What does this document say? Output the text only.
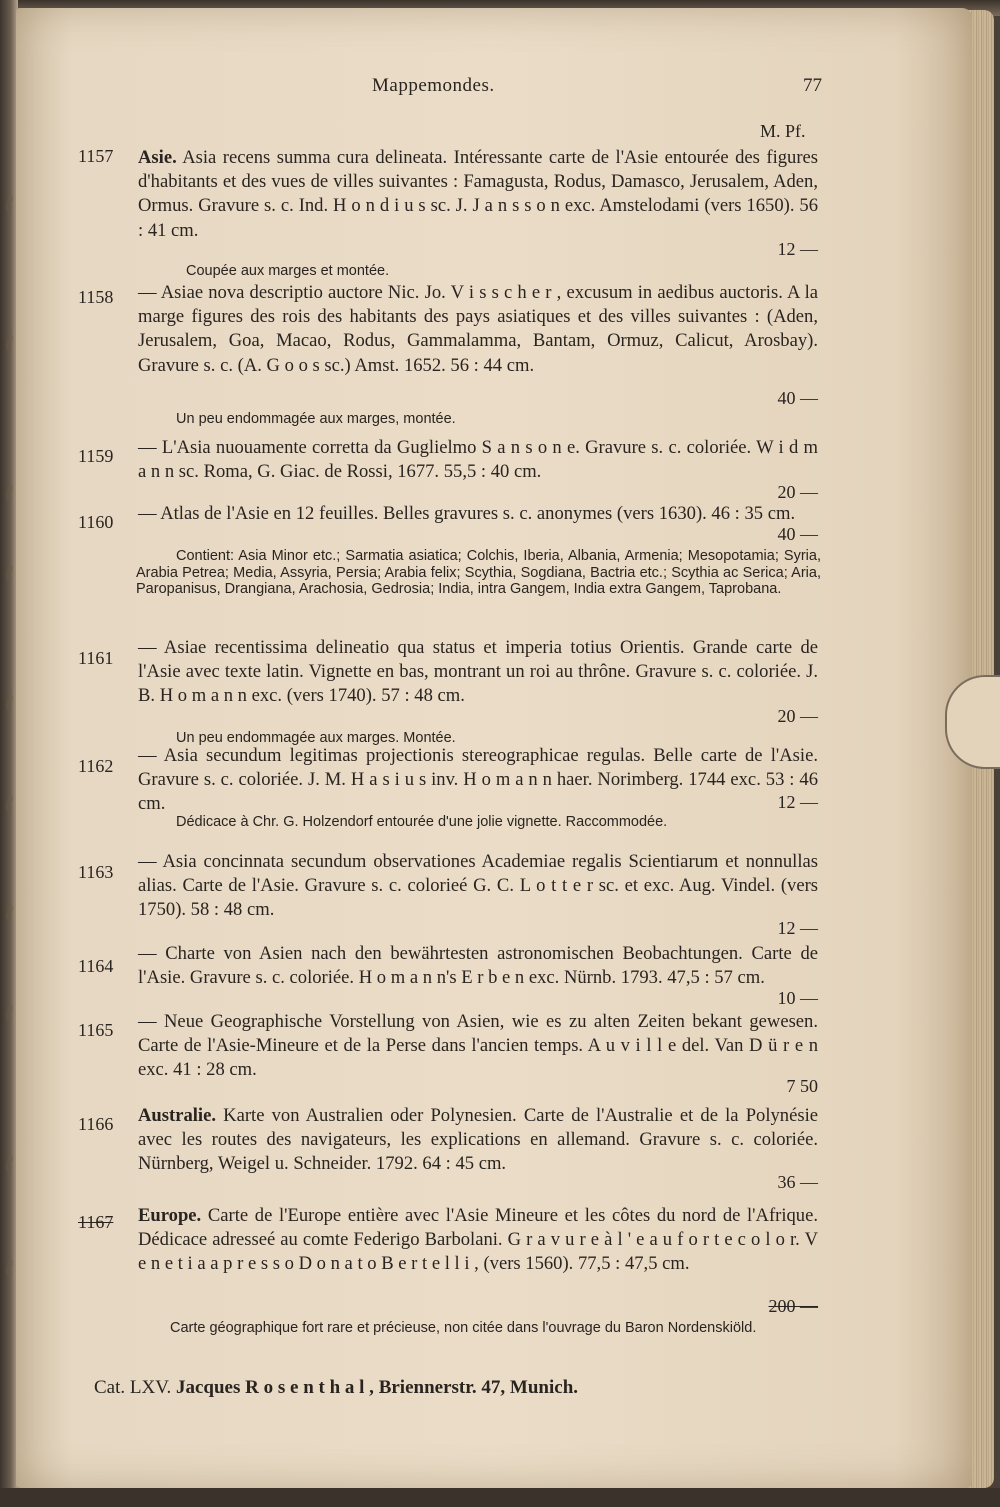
Mappemondes.	77
M. Pf.
1157	Asie. Asia recens summa cura delineata. Intéressante carte de l'Asie entourée des figures d'habitants et des vues de villes suivantes : Famagusta, Rodus, Damasco, Jerusalem, Aden, Ormus. Gravure s. c. Ind. H o n d i u s sc. J. J a n s s o n exc. Amstelodami (vers 1650). 56 : 41 cm.
12 —
Coupée aux marges et montée.
1158	— Asiae nova descriptio auctore Nic. Jo. V i s s c h e r , excusum in aedibus auctoris. A la marge figures des rois des habitants des pays asiatiques et des villes suivantes : (Aden, Jerusalem, Goa, Macao, Rodus, Gammalamma, Bantam, Ormuz, Calicut, Arosbay). Gravure s. c. (A. G o o s sc.) Amst. 1652. 56 : 44 cm.
40 —
Un peu endommagée aux marges, montée.
1159	— L'Asia nuouamente corretta da Guglielmo S a n s o n e. Gravure s. c. coloriée. W i d m a n n sc. Roma, G. Giac. de Rossi, 1677. 55,5 : 40 cm.
20 —
1160	— Atlas de l'Asie en 12 feuilles. Belles gravures s. c. anonymes (vers 1630). 46 : 35 cm.
40 —
Contient: Asia Minor etc.; Sarmatia asiatica; Colchis, Iberia, Albania, Armenia; Mesopotamia; Syria, Arabia Petrea; Media, Assyria, Persia; Arabia felix; Scythia, Sogdiana, Bactria etc.; Scythia ac Serica; Aria, Paropanisus, Drangiana, Arachosia, Gedrosia; India, intra Gangem, India extra Gangem, Taprobana.
1161	— Asiae recentissima delineatio qua status et imperia totius Orientis. Grande carte de l'Asie avec texte latin. Vignette en bas, montrant un roi au thrône. Gravure s. c. coloriée. J. B. H o m a n n exc. (vers 1740). 57 : 48 cm.
20 —
Un peu endommagée aux marges. Montée.
1162	— Asia secundum legitimas projectionis stereographicae regulas. Belle carte de l'Asie. Gravure s. c. coloriée. J. M. H a s i u s inv. H o m a n n haer. Norimberg. 1744 exc. 53 : 46 cm.	12 —
Dédicace à Chr. G. Holzendorf entourée d'une jolie vignette. Raccommodée.
1163	— Asia concinnata secundum observationes Academiae regalis Scientiarum et nonnullas alias. Carte de l'Asie. Gravure s. c. colorieé G. C. L o t t e r sc. et exc. Aug. Vindel. (vers 1750). 58 : 48 cm.
12 —
1164
— Charte von Asien nach den bewährtesten astronomischen Beobachtungen. Carte de l'Asie. Gravure s. c. coloriée. H o m a n n's E r b e n exc. Nürnb. 1793. 47,5 : 57 cm.
10 —
1165	— Neue Geographische Vorstellung von Asien, wie es zu alten Zeiten bekant gewesen. Carte de l'Asie-Mineure et de la Perse dans l'ancien temps. A u v i l l e del. Van D ü r e n exc. 41 : 28 cm.
7 50
1166	Australie. Karte von Australien oder Polynesien. Carte de l'Australie et de la Polynésie avec les routes des navigateurs, les explications en allemand. Gravure s. c. coloriée. Nürnberg, Weigel u. Schneider. 1792. 64 : 45 cm.
36 —
1167	Europe. Carte de l'Europe entière avec l'Asie Mineure et les côtes du nord de l'Afrique. Dédicace adresseé au comte Federigo Barbolani. G r a v u r e à l ' e a u f o r t e c o l o r. V e n e t i a a p r e s s o D o n a t o B e r t e l l i , (vers 1560). 77,5 : 47,5 cm.
200 —
Carte géographique fort rare et précieuse, non citée dans l'ouvrage du Baron Nordenskiöld.
Cat. LXV. Jacques R o s e n t h a l , Briennerstr. 47, Munich.
ℓ
ℓ
ℓ
ℓ
ℓ
ℓ
ℓ
ℓ
ℓ
ℓ
